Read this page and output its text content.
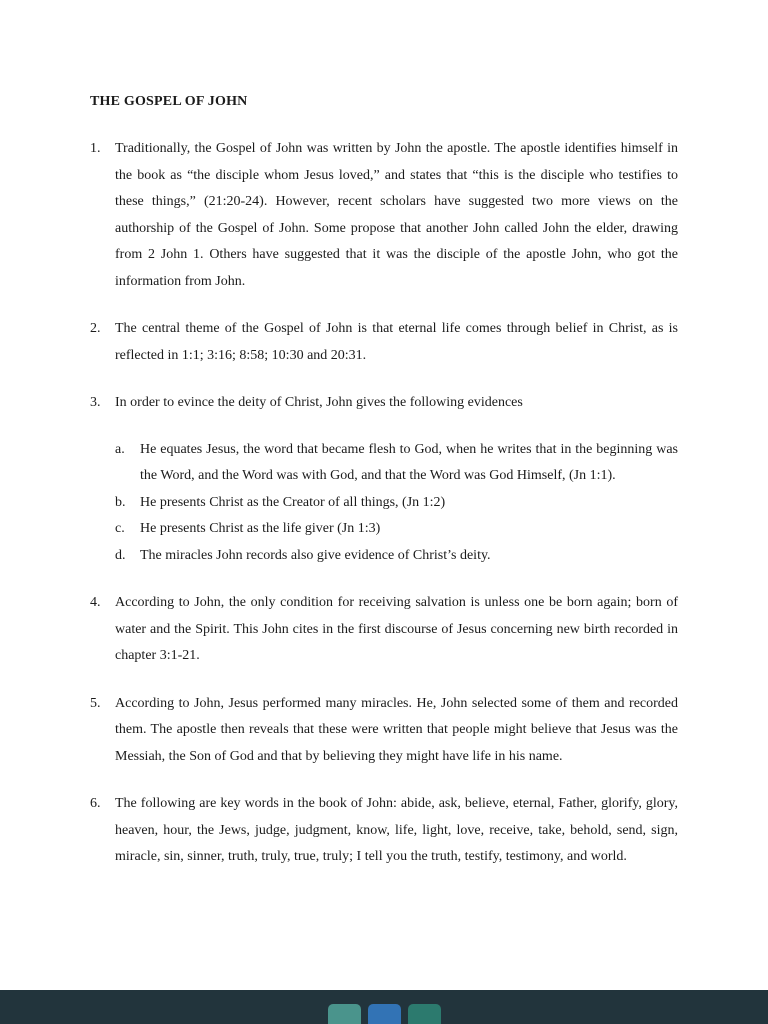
THE GOSPEL OF JOHN
1.	Traditionally, the Gospel of John was written by John the apostle. The apostle identifies himself in the book as “the disciple whom Jesus loved,” and states that “this is the disciple who testifies to these things,” (21:20-24). However, recent scholars have suggested two more views on the authorship of the Gospel of John. Some propose that another John called John the elder, drawing from 2 John 1. Others have suggested that it was the disciple of the apostle John, who got the information from John.
2.	The central theme of the Gospel of John is that eternal life comes through belief in Christ, as is reflected in 1:1; 3:16; 8:58; 10:30 and 20:31.
3.	In order to evince the deity of Christ, John gives the following evidences
a.	He equates Jesus, the word that became flesh to God, when he writes that in the beginning was the Word, and the Word was with God, and that the Word was God Himself, (Jn 1:1).
b.	He presents Christ as the Creator of all things, (Jn 1:2)
c.	He presents Christ as the life giver (Jn 1:3)
d.	The miracles John records also give evidence of Christ’s deity.
4.	According to John, the only condition for receiving salvation is unless one be born again; born of water and the Spirit. This John cites in the first discourse of Jesus concerning new birth recorded in chapter 3:1-21.
5.	According to John, Jesus performed many miracles. He, John selected some of them and recorded them. The apostle then reveals that these were written that people might believe that Jesus was the Messiah, the Son of God and that by believing they might have life in his name.
6.	The following are key words in the book of John: abide, ask, believe, eternal, Father, glorify, glory, heaven, hour, the Jews, judge, judgment, know, life, light, love, receive, take, behold, send, sign, miracle, sin, sinner, truth, truly, true, truly; I tell you the truth, testify, testimony, and world.
